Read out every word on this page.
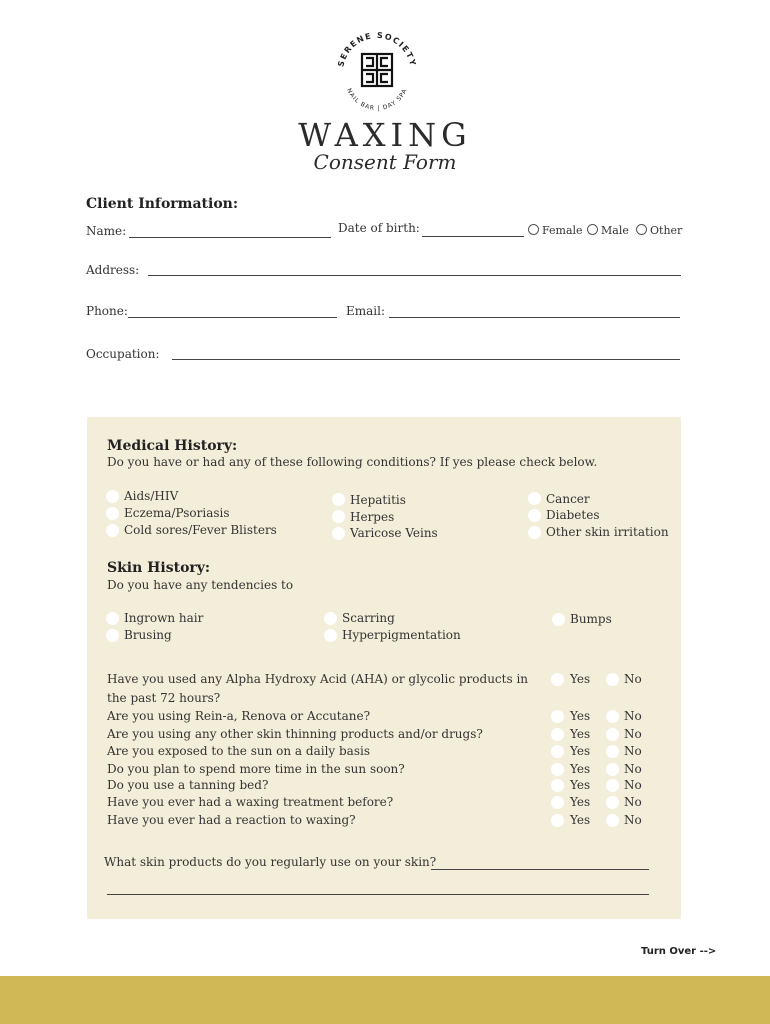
SERENE SOCIETY
NAIL BAR | DAY SPA
WAXING
Consent Form
Client Information:
Name:	Date of birth:	Female	Male	Other
Address:
Phone:	Email:
Occupation:
Medical History:
Do you have or had any of these following conditions? If yes please check below.
Aids/HIV
Eczema/Psoriasis
Cold sores/Fever Blisters
Hepatitis
Herpes
Varicose Veins
Cancer
Diabetes
Other skin irritation
Skin History:
Do you have any tendencies to
Ingrown hair
Brusing
Scarring
Hyperpigmentation
Bumps
Have you used any Alpha Hydroxy Acid (AHA) or glycolic products in
the past 72 hours?
Yes	No
Are you using Rein-a, Renova or Accutane?	Yes	No
Are you using any other skin thinning products and/or drugs?	Yes	No
Are you exposed to the sun on a daily basis	Yes	No
Do you plan to spend more time in the sun soon?	Yes	No
Do you use a tanning bed?	Yes	No
Have you ever had a waxing treatment before?	Yes	No
Have you ever had a reaction to waxing?	Yes	No
What skin products do you regularly use on your skin?
Turn Over -->
